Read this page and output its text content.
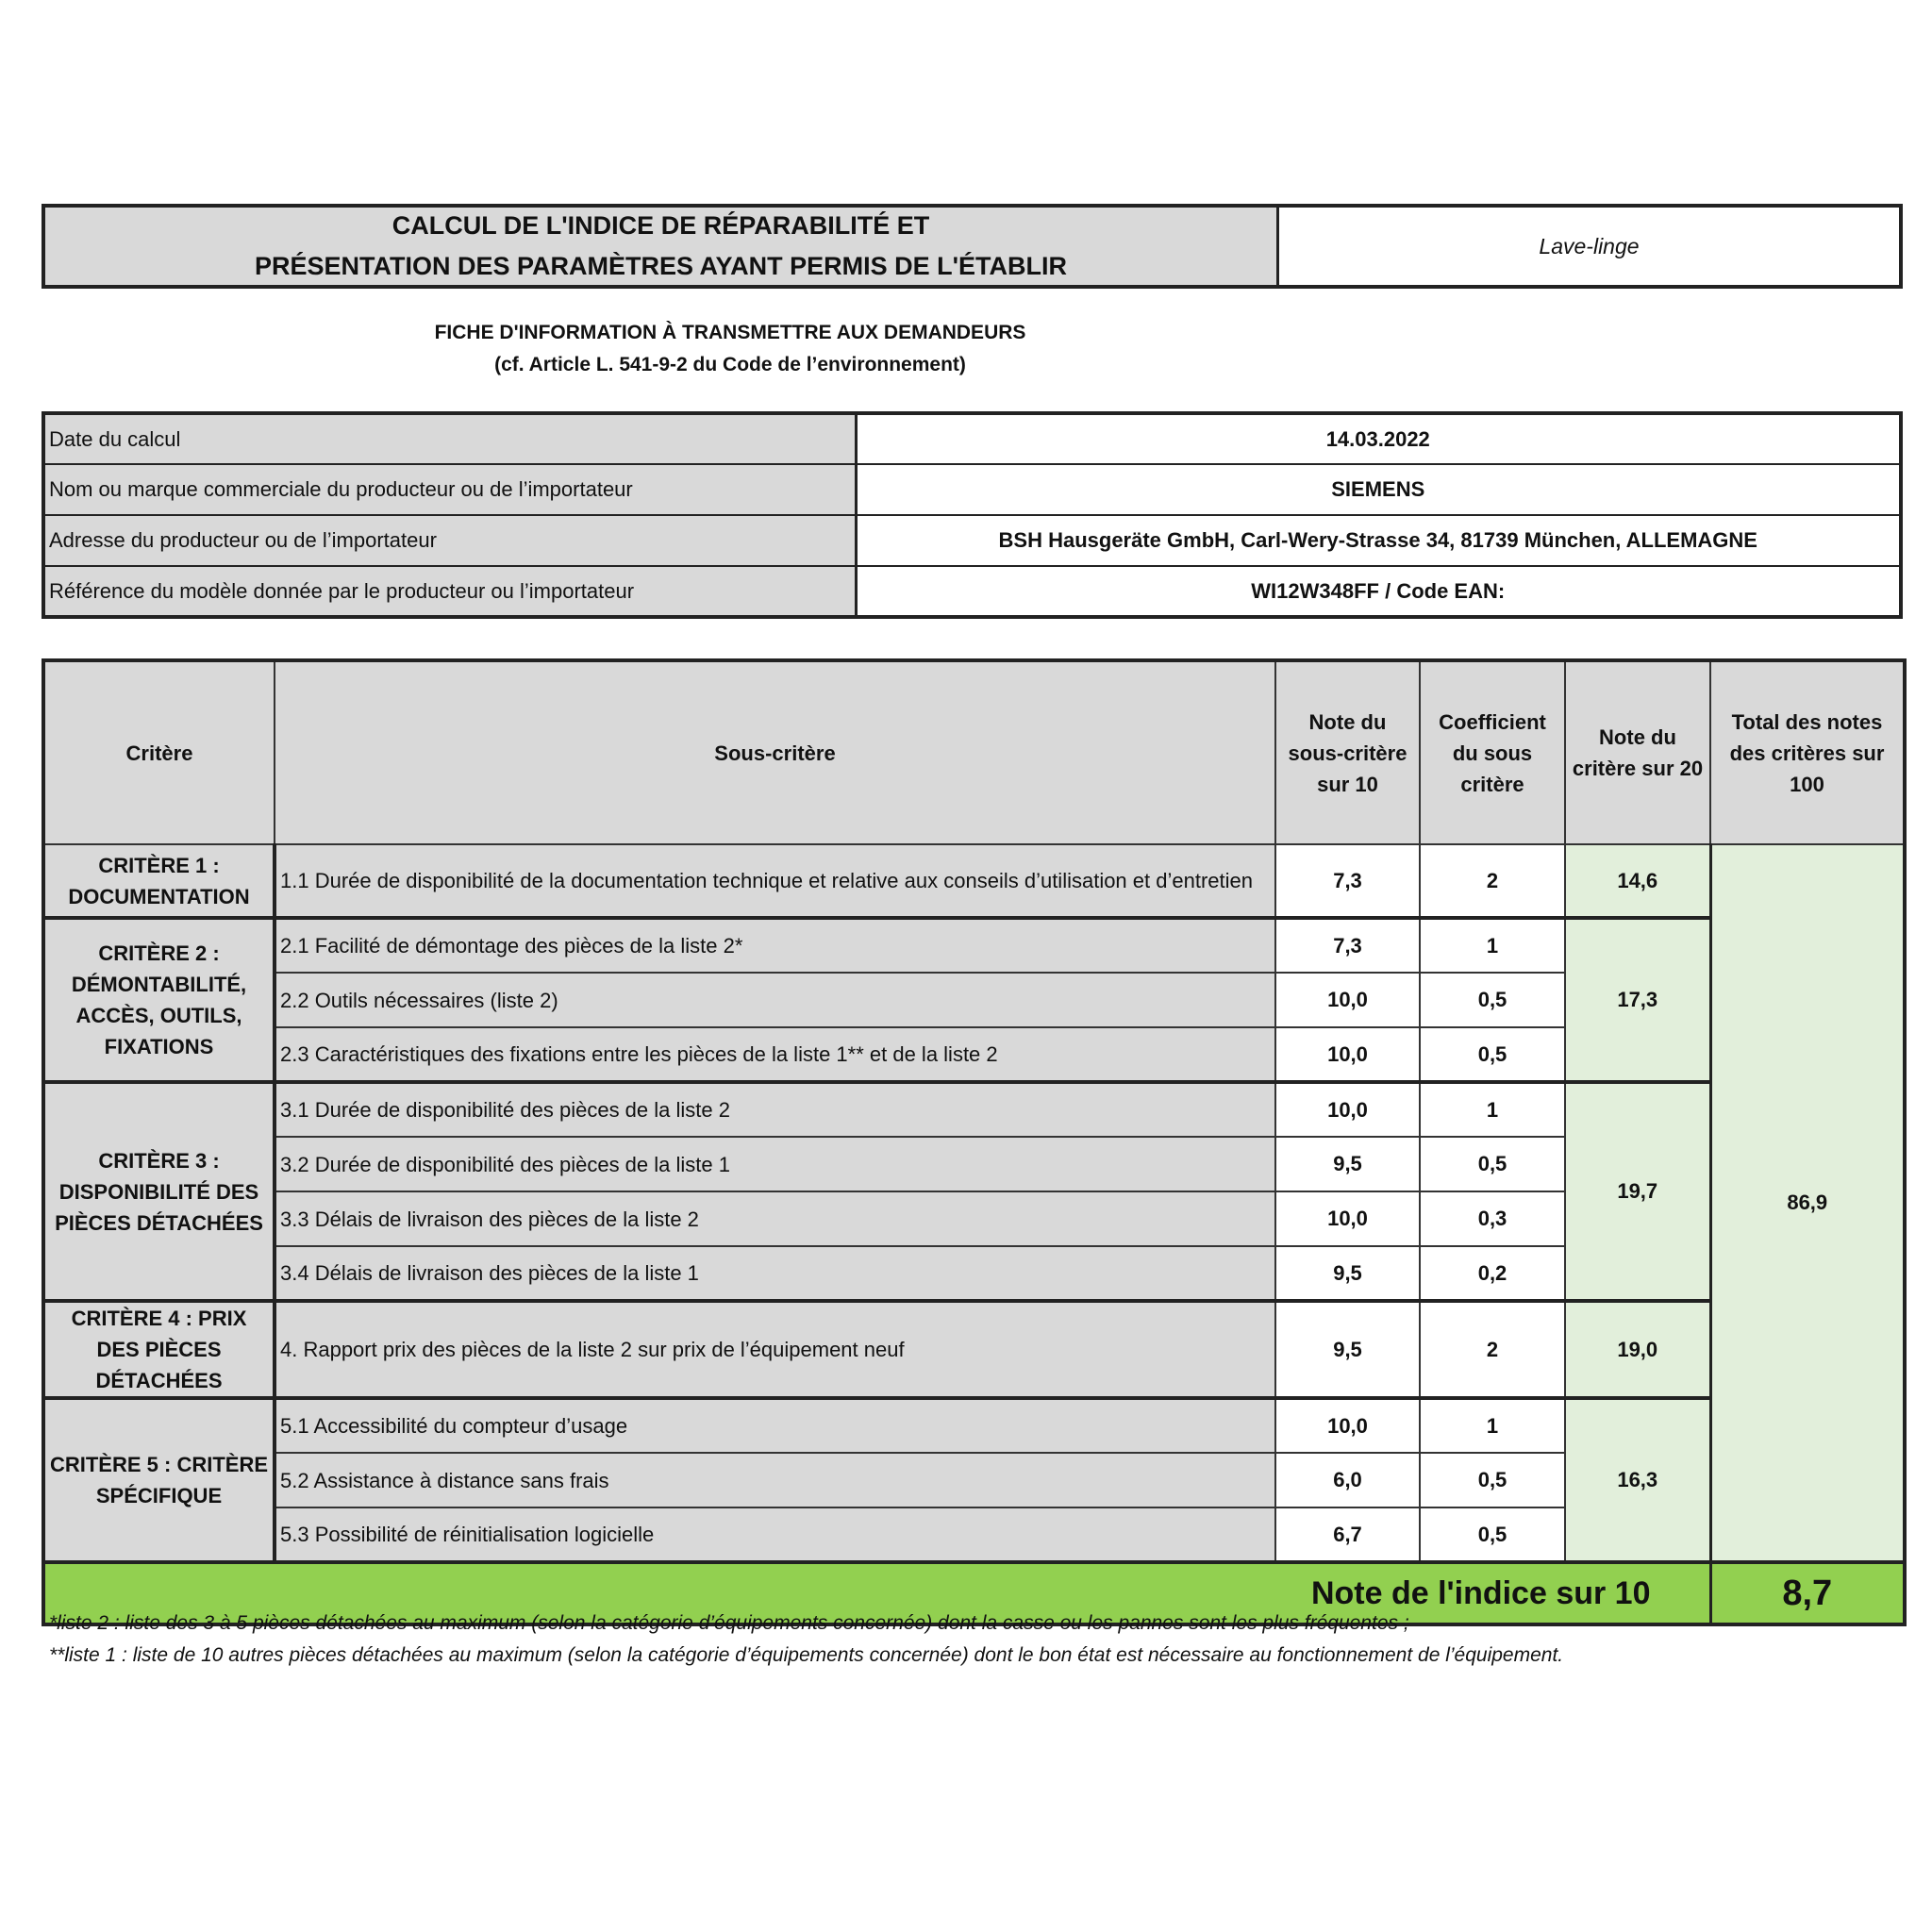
CALCUL DE L'INDICE DE RÉPARABILITÉ ET
PRÉSENTATION DES PARAMÈTRES AYANT PERMIS DE L'ÉTABLIR
Lave-linge
FICHE D'INFORMATION À TRANSMETTRE AUX DEMANDEURS
(cf. Article L. 541-9-2 du Code de l’environnement)
Date du calcul	14.03.2022
Nom ou marque commerciale du producteur ou de l’importateur	SIEMENS
Adresse du producteur ou de l’importateur	BSH Hausgeräte GmbH, Carl-Wery-Strasse 34, 81739 München, ALLEMAGNE
Référence du modèle donnée par le producteur ou l’importateur	WI12W348FF / Code EAN:
Critère	Sous-critère	Note du sous-critère sur 10	Coefficient du sous critère	Note du critère sur 20	Total des notes des critères sur 100
CRITÈRE 1 : DOCUMENTATION	1.1 Durée de disponibilité de la documentation technique et relative aux conseils d’utilisation et d’entretien	7,3	2	14,6	86,9
CRITÈRE 2 : DÉMONTABILITÉ, ACCÈS, OUTILS, FIXATIONS	2.1 Facilité de démontage des pièces de la liste 2*	7,3	1	17,3	
	2.2 Outils nécessaires (liste 2)	10,0	0,5		
	2.3 Caractéristiques des fixations entre les pièces de la liste 1** et de la liste 2	10,0	0,5		
CRITÈRE 3 : DISPONIBILITÉ DES PIÈCES DÉTACHÉES	3.1 Durée de disponibilité des pièces de la liste 2	10,0	1	19,7	
	3.2 Durée de disponibilité des pièces de la liste 1	9,5	0,5		
	3.3 Délais de livraison des pièces de la liste 2	10,0	0,3		
	3.4 Délais de livraison des pièces de la liste 1	9,5	0,2		
CRITÈRE 4 : PRIX DES PIÈCES DÉTACHÉES	4. Rapport prix des pièces de la liste 2 sur prix de l’équipement neuf	9,5	2	19,0	
CRITÈRE 5 : CRITÈRE SPÉCIFIQUE	5.1 Accessibilité du compteur d’usage	10,0	1	16,3	
	5.2 Assistance à distance sans frais	6,0	0,5		
	5.3 Possibilité de réinitialisation logicielle	6,7	0,5		
Note de l'indice sur 10					8,7
*liste 2 : liste des 3 à 5 pièces détachées au maximum (selon la catégorie d’équipements concernée) dont la casse ou les pannes sont les plus fréquentes ;
**liste 1 : liste de 10 autres pièces détachées au maximum (selon la catégorie d’équipements concernée) dont le bon état est nécessaire au fonctionnement de l’équipement.
